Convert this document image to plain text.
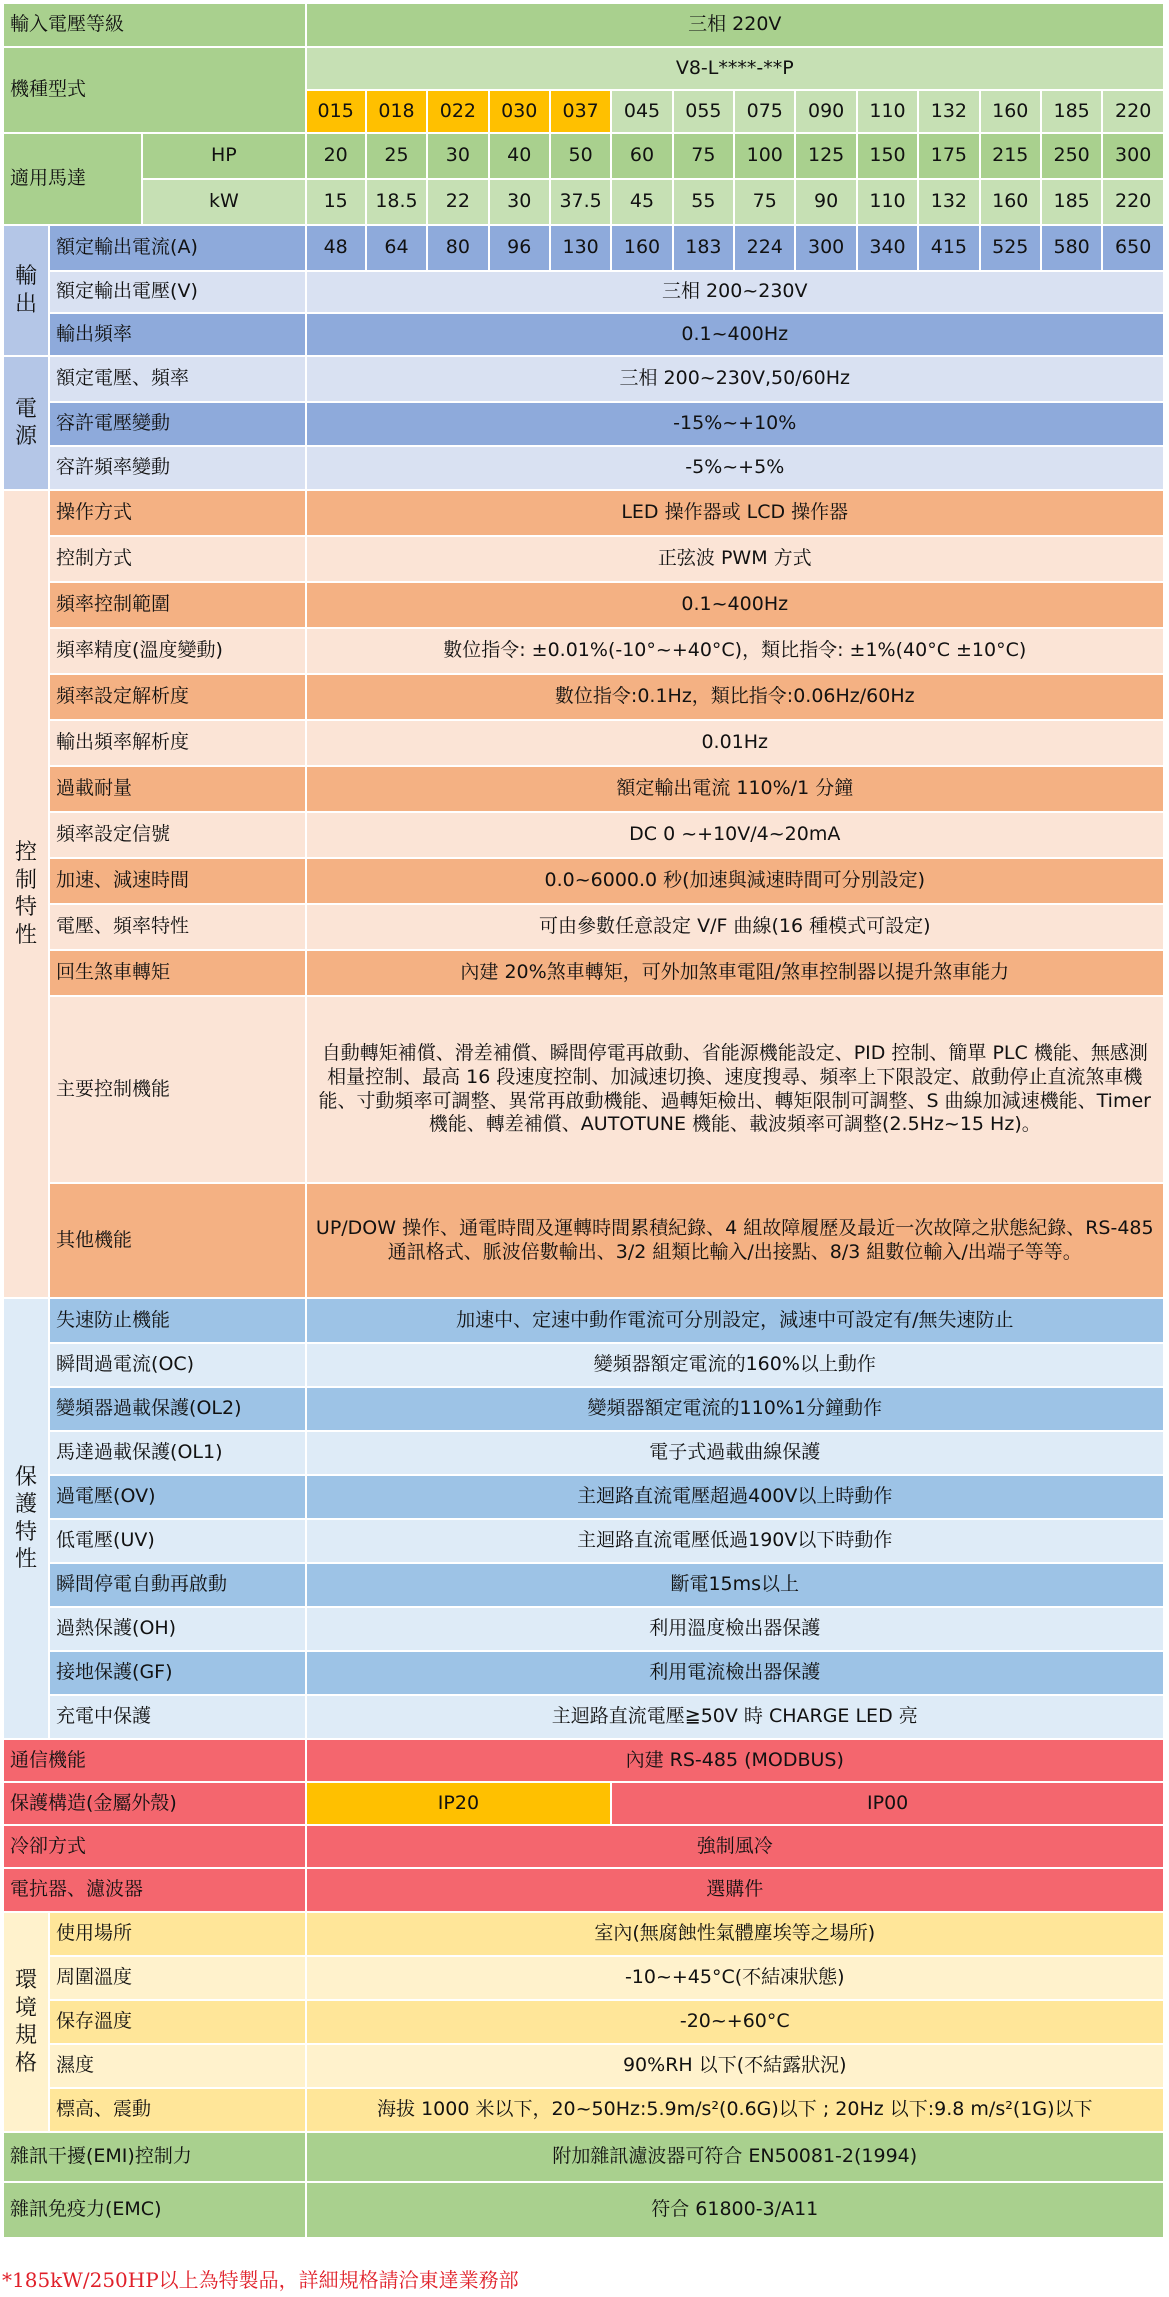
輸入電壓等級			三相 220V													
機種型式			V8-L****-**P													
			015	018	022	030	037	045	055	075	090	110	132	160	185	220
適用馬達		HP	20	25	30	40	50	60	75	100	125	150	175	215	250	300
		kW	15	18.5	22	30	37.5	45	55	75	90	110	132	160	185	220
輸出	額定輸出電流(A)		48	64	80	96	130	160	183	224	300	340	415	525	580	650
	額定輸出電壓(V)		三相 200~230V													
	輸出頻率		0.1~400Hz													
電源	額定電壓、頻率		三相 200~230V,50/60Hz													
	容許電壓變動		-15%~+10%													
	容許頻率變動		-5%~+5%													
控制特性	操作方式		LED 操作器或 LCD 操作器													
	控制方式		正弦波 PWM 方式													
	頻率控制範圍		0.1~400Hz													
	頻率精度(溫度變動)		數位指令: ±0.01%(-10°~+40°C)，類比指令: ±1%(40°C ±10°C)													
	頻率設定解析度		數位指令:0.1Hz，類比指令:0.06Hz/60Hz													
	輸出頻率解析度		0.01Hz													
	過載耐量		額定輸出電流 110%/1 分鐘													
	頻率設定信號		DC 0 ~+10V/4~20mA													
	加速、減速時間		0.0~6000.0 秒(加速與減速時間可分別設定)													
	電壓、頻率特性		可由參數任意設定 V/F 曲線(16 種模式可設定)													
	回生煞車轉矩		內建 20%煞車轉矩，可外加煞車電阻/煞車控制器以提升煞車能力													
	主要控制機能		自動轉矩補償、滑差補償、瞬間停電再啟動、省能源機能設定、PID 控制、簡單 PLC 機能、無感測相量控制、最高 16 段速度控制、加減速切換、速度搜尋、頻率上下限設定、啟動停止直流煞車機能、寸動頻率可調整、異常再啟動機能、過轉矩檢出、轉矩限制可調整、S 曲線加減速機能、Timer 機能、轉差補償、AUTOTUNE 機能、載波頻率可調整(2.5Hz~15 Hz)。													
	其他機能		UP/DOW 操作、通電時間及運轉時間累積紀錄、4 組故障履歷及最近一次故障之狀態紀錄、RS-485 通訊格式、脈波倍數輸出、3/2 組類比輸入/出接點、8/3 組數位輸入/出端子等等。													
保護特性	失速防止機能		加速中、定速中動作電流可分別設定，減速中可設定有/無失速防止													
	瞬間過電流(OC)		變頻器額定電流的160%以上動作													
	變頻器過載保護(OL2)		變頻器額定電流的110%1分鐘動作													
	馬達過載保護(OL1)		電子式過載曲線保護													
	過電壓(OV)		主迴路直流電壓超過400V以上時動作													
	低電壓(UV)		主迴路直流電壓低過190V以下時動作													
	瞬間停電自動再啟動		斷電15ms以上													
	過熱保護(OH)		利用溫度檢出器保護													
	接地保護(GF)		利用電流檢出器保護													
	充電中保護		主迴路直流電壓≧50V 時 CHARGE LED 亮													
通信機能			內建 RS-485 (MODBUS)													
保護構造(金屬外殼)			IP20					IP00								
冷卻方式			強制風冷													
電抗器、濾波器			選購件													
環境規格	使用場所		室內(無腐蝕性氣體塵埃等之場所)													
	周圍溫度		-10~+45°C(不結凍狀態)													
	保存溫度		-20~+60°C													
	濕度		90%RH 以下(不結露狀況)													
	標高、震動		海拔 1000 米以下，20~50Hz:5.9m/s²(0.6G)以下 ; 20Hz 以下:9.8 m/s²(1G)以下													
雜訊干擾(EMI)控制力			附加雜訊濾波器可符合 EN50081-2(1994)													
雜訊免疫力(EMC)			符合 61800-3/A11													
*185kW/250HP以上為特製品，詳細規格請洽東達業務部
